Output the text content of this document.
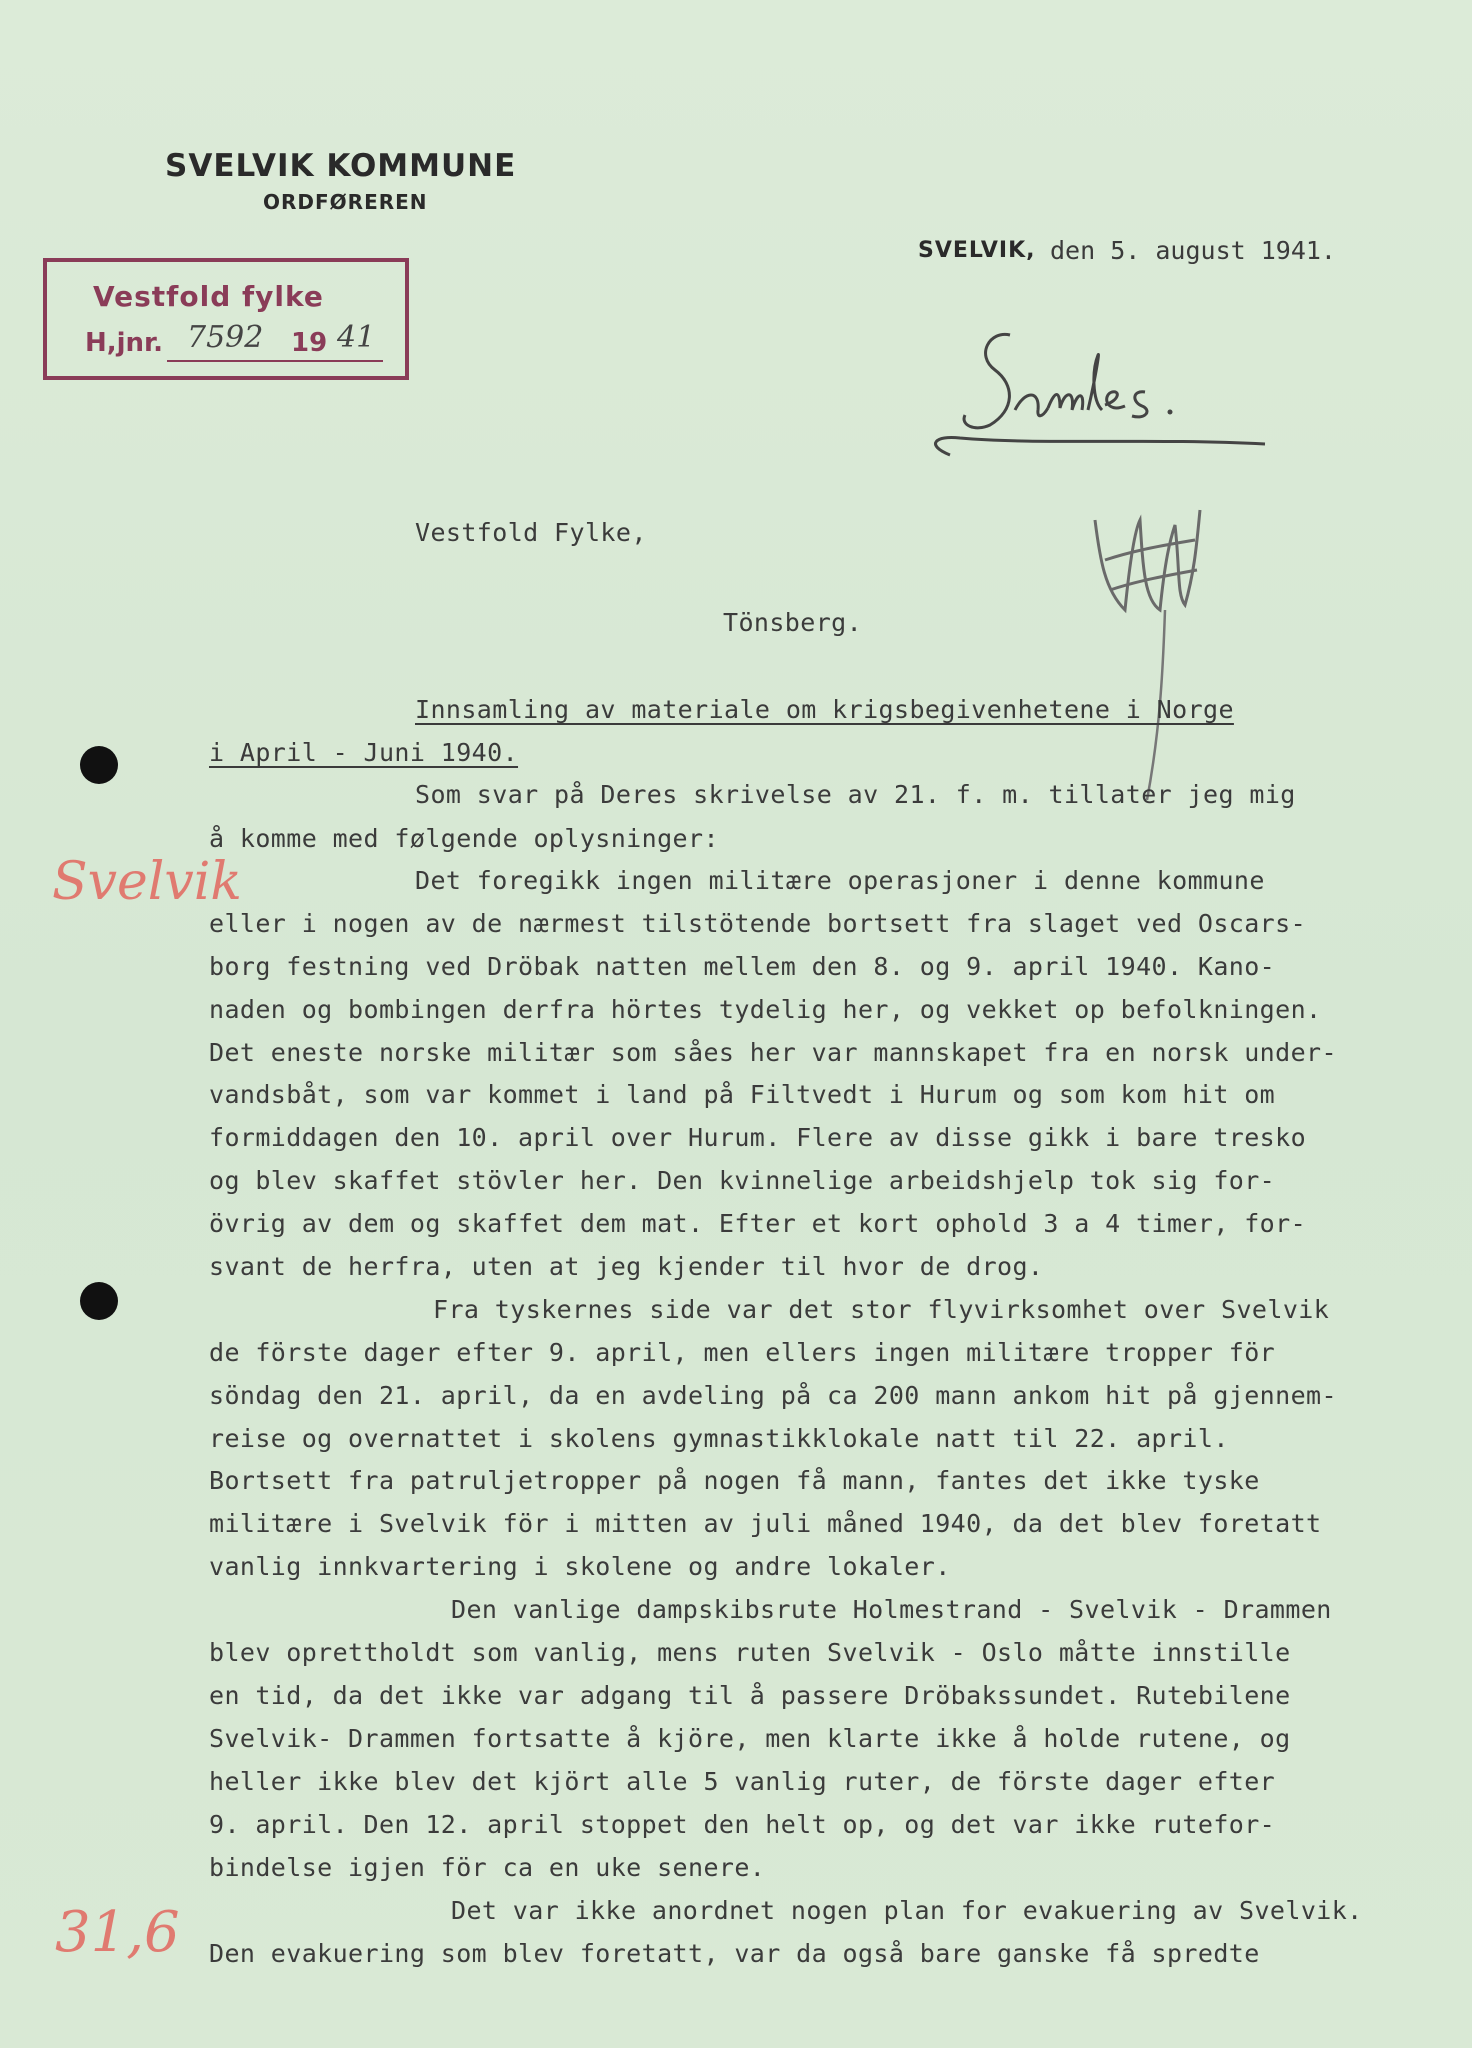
SVELVIK KOMMUNE
ORDFØREREN
Vestfold fylke
H,jnr. 7592 19 41
SVELVIK, den 5. august 1941.
Vestfold Fylke,
Tönsberg.
Innsamling av materiale om krigsbegivenhetene i Norge
i April - Juni 1940.
Svelvik
31,6
Som svar på Deres skrivelse av 21. f. m. tillater jeg mig
å komme med følgende oplysninger:
Det foregikk ingen militære operasjoner i denne kommune
eller i nogen av de nærmest tilstötende bortsett fra slaget ved Oscars-
borg festning ved Dröbak natten mellem den 8. og 9. april 1940. Kano-
naden og bombingen derfra hörtes tydelig her, og vekket op befolkningen.
Det eneste norske militær som såes her var mannskapet fra en norsk under-
vandsbåt, som var kommet i land på Filtvedt i Hurum og som kom hit om
formiddagen den 10. april over Hurum. Flere av disse gikk i bare tresko
og blev skaffet stövler her. Den kvinnelige arbeidshjelp tok sig for-
övrig av dem og skaffet dem mat. Efter et kort ophold 3 a 4 timer, for-
svant de herfra, uten at jeg kjender til hvor de drog.
Fra tyskernes side var det stor flyvirksomhet over Svelvik
de förste dager efter 9. april, men ellers ingen militære tropper för
söndag den 21. april, da en avdeling på ca 200 mann ankom hit på gjennem-
reise og overnattet i skolens gymnastikklokale natt til 22. april.
Bortsett fra patruljetropper på nogen få mann, fantes det ikke tyske
militære i Svelvik för i mitten av juli måned 1940, da det blev foretatt
vanlig innkvartering i skolene og andre lokaler.
Den vanlige dampskibsrute Holmestrand - Svelvik - Drammen
blev oprettholdt som vanlig, mens ruten Svelvik - Oslo måtte innstille
en tid, da det ikke var adgang til å passere Dröbakssundet. Rutebilene
Svelvik- Drammen fortsatte å kjöre, men klarte ikke å holde rutene, og
heller ikke blev det kjört alle 5 vanlig ruter, de förste dager efter
9. april. Den 12. april stoppet den helt op, og det var ikke rutefor-
bindelse igjen för ca en uke senere.
Det var ikke anordnet nogen plan for evakuering av Svelvik.
Den evakuering som blev foretatt, var da også bare ganske få spredte
